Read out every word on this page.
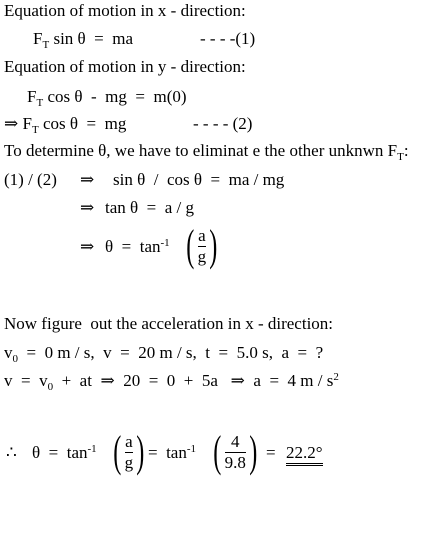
Equation of motion in x - direction:
$F_T$ sin θ  =  ma	- - - -(1)
Equation of motion in y - direction:
$F_T$ cos θ  -  mg  =  m(0)
⇒ $F_T$ cos θ  =  mg	- - - - (2)
To determine θ, we have to eliminat e the other unknwn $F_T$:
(1) / (2) ⇒ sin θ  /  cos θ  =  ma / mg
⇒ tan θ  =  a / g
⇒ $\theta = \tan^{-1}$ ( a
g )
Now figure  out the acceleration in x - direction:
$v_0 = 0$ m / s,  v  =  20 m / s,  t  =  5.0 s,  a  =  ?
$v = v_0$  +  at  ⇒  20  =  0  +  5a   ⇒  a  =  4 m / $s^2$
∴ $\theta = \tan^{-1}$ ( a
g ) =  $\tan^{-1}$ ( 4
9.8 ) = 22.2°
